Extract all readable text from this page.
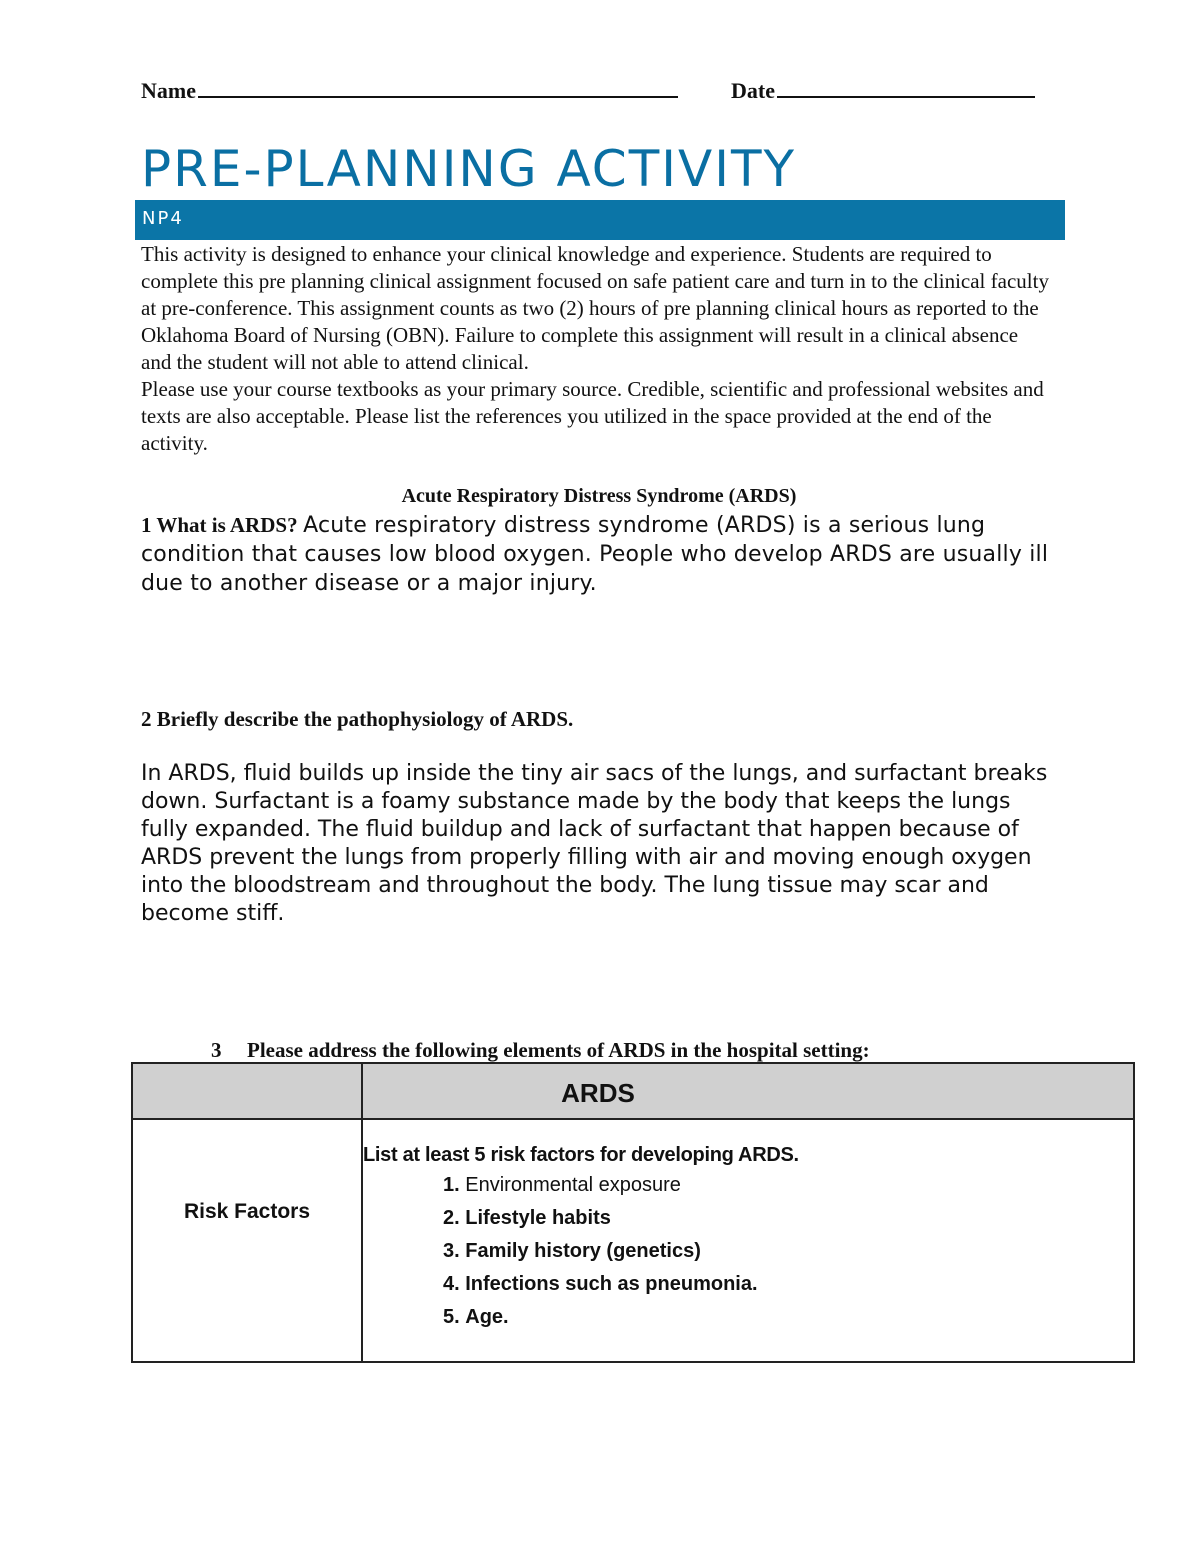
Name	Date
PRE-PLANNING ACTIVITY
NP4

This activity is designed to enhance your clinical knowledge and experience. Students are required to complete this pre planning clinical assignment focused on safe patient care and turn in to the clinical faculty at pre-conference. This assignment counts as two (2) hours of pre planning clinical hours as reported to the Oklahoma Board of Nursing (OBN). Failure to complete this assignment will result in a clinical absence and the student will not able to attend clinical.

Please use your course textbooks as your primary source. Credible, scientific and professional websites and texts are also acceptable. Please list the references you utilized in the space provided at the end of the activity.

Acute Respiratory Distress Syndrome (ARDS)
1 What is ARDS? Acute respiratory distress syndrome (ARDS) is a serious lung condition that causes low blood oxygen. People who develop ARDS are usually ill due to another disease or a major injury.
2 Briefly describe the pathophysiology of ARDS.
In ARDS, fluid builds up inside the tiny air sacs of the lungs, and surfactant breaks down. Surfactant is a foamy substance made by the body that keeps the lungs fully expanded. The fluid buildup and lack of surfactant that happen because of ARDS prevent the lungs from properly filling with air and moving enough oxygen into the bloodstream and throughout the body. The lung tissue may scar and become stiff.
3 Please address the following elements of ARDS in the hospital setting:
ARDS
Risk Factors
List at least 5 risk factors for developing ARDS.
1. Environmental exposure
2. Lifestyle habits
3. Family history (genetics)
4. Infections such as pneumonia.
5. Age.
